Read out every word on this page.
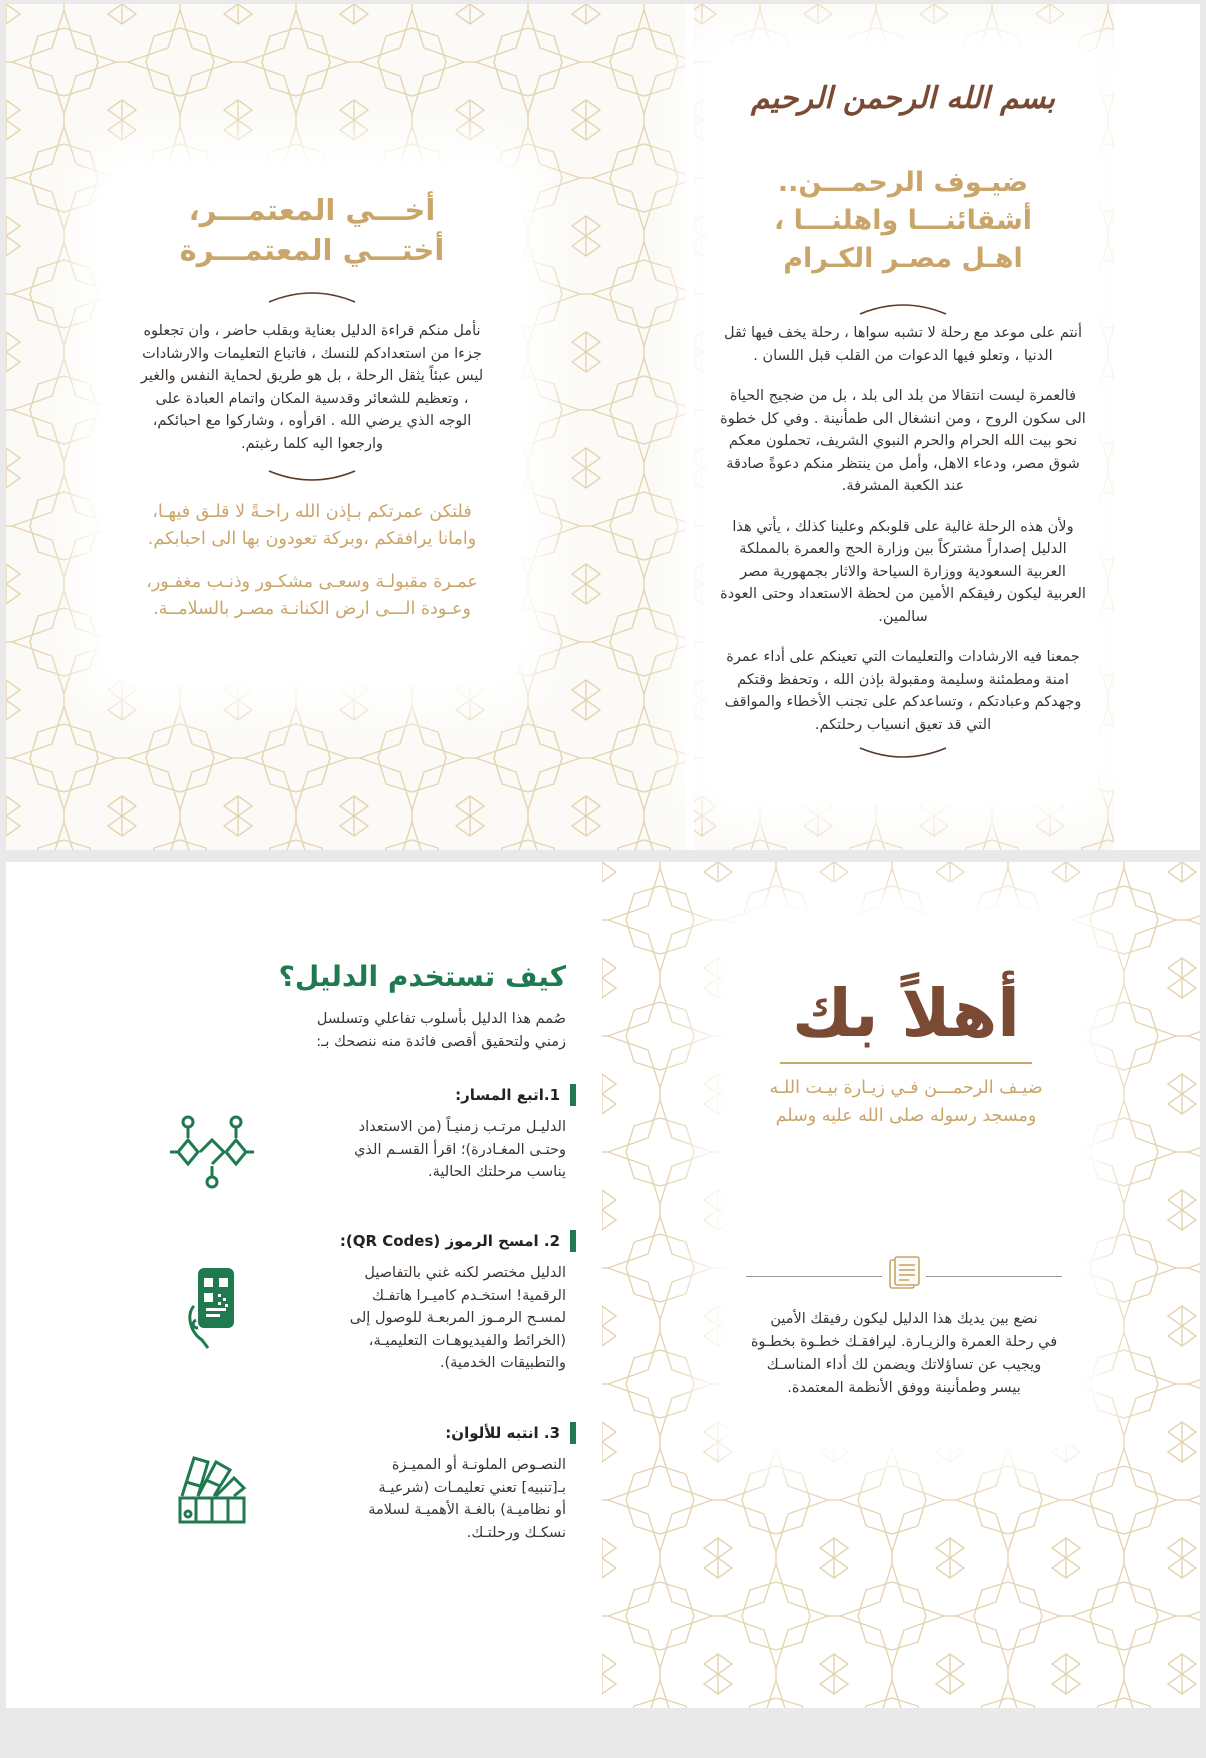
أخـــي المعتمـــر،
أختـــي المعتمـــرة
نأمل منكم قراءة الدليل بعناية وبقلب حاضر ، وان تجعلوه جزءا من استعدادكم للنسك ، فاتباع التعليمات والارشادات ليس عبئاً يثقل الرحلة ، بل هو طريق لحماية النفس والغير ، وتعظيم للشعائر وقدسية المكان واتمام العبادة على الوجه الذي يرضي الله . اقرأوه ، وشاركوا مع احبائكم، وارجعوا اليه كلما رغبتم.
فلتكن عمرتكم بـإذن الله راحـةً لا قلـق فيهـا،
وامانا يرافقكم ،وبركة تعودون بها الى احبابكم.
عمـرة مقبولـة وسعـى مشكـور وذنـب مغفـور،
وعـودة الـــى ارض الكنانـة مصـر بالسلامــة.
بسم الله الرحمن الرحيم
ضيـوف الرحمـــن..
أشقائنـــا واهلنـــا ،
اهـل مصـر الكـرام
أنتم على موعد مع رحلة لا تشبه سواها ، رحلة يخف فيها ثقل الدنيا ، وتعلو فيها الدعوات من القلب قبل اللسان .
فالعمرة ليست انتقالا من بلد الى بلد ، بل من ضجيج الحياة الى سكون الروح ، ومن انشغال الى طمأنينة . وفي كل خطوة نحو بيت الله الحرام والحرم النبوي الشريف، تحملون معكم شوق مصر، ودعاء الاهل، وأمل من ينتظر منكم دعوةً صادقة عند الكعبة المشرفة.
ولأن هذه الرحلة غالية على قلوبكم وعلينا كذلك ، يأتي هذا الدليل إصداراً مشتركاً بين وزارة الحج والعمرة بالمملكة العربية السعودية ووزارة السياحة والاثار بجمهورية مصر العربية ليكون رفيقكم الأمين من لحظة الاستعداد وحتى العودة سالمين.
جمعنا فيه الارشادات والتعليمات التي تعينكم على أداء عمرة امنة ومطمئنة وسليمة ومقبولة بإذن الله ، وتحفظ وقتكم وجهدكم وعبادتكم ، وتساعدكم على تجنب الأخطاء والمواقف التي قد تعيق انسياب رحلتكم.
أهلاً بك
ضيـف الرحمـــن فـي زيـارة بيـت اللـه
ومسجد رسوله صلى الله عليه وسلم
نضع بين يديك هذا الدليل ليكون رفيقك الأمين
في رحلة العمرة والزيـارة. ليرافقـك خطـوة بخطـوة
ويجيب عن تساؤلاتك ويضمن لك أداء المناسـك
بيسر وطمأنينة ووفق الأنظمة المعتمدة.
كيف تستخدم الدليل؟
صُمم هذا الدليل بأسلوب تفاعلي وتسلسل
زمني ولتحقيق أقصى فائدة منه ننصحك بـ:
1.اتبع المسار:
الدليـل مرتـب زمنيـاً (من الاستعداد
وحتـى المغـادرة)؛ اقرأ القسـم الذي
يناسب مرحلتك الحالية.
2. امسح الرموز (QR Codes):
الدليل مختصر لكنه غني بالتفاصيل
الرقمية! استخـدم كاميـرا هاتفـك
لمسـح الرمـوز المربعـة للوصول إلى
(الخرائط والفيديوهـات التعليميـة،
والتطبيقات الخدمية).
3. انتبه للألوان:
النصـوص الملونـة أو المميـزة
بـ[تنبيه] تعني تعليمـات (شرعيـة
أو نظاميـة) بالغـة الأهميـة لسلامة
نسكـك ورحلتـك.
